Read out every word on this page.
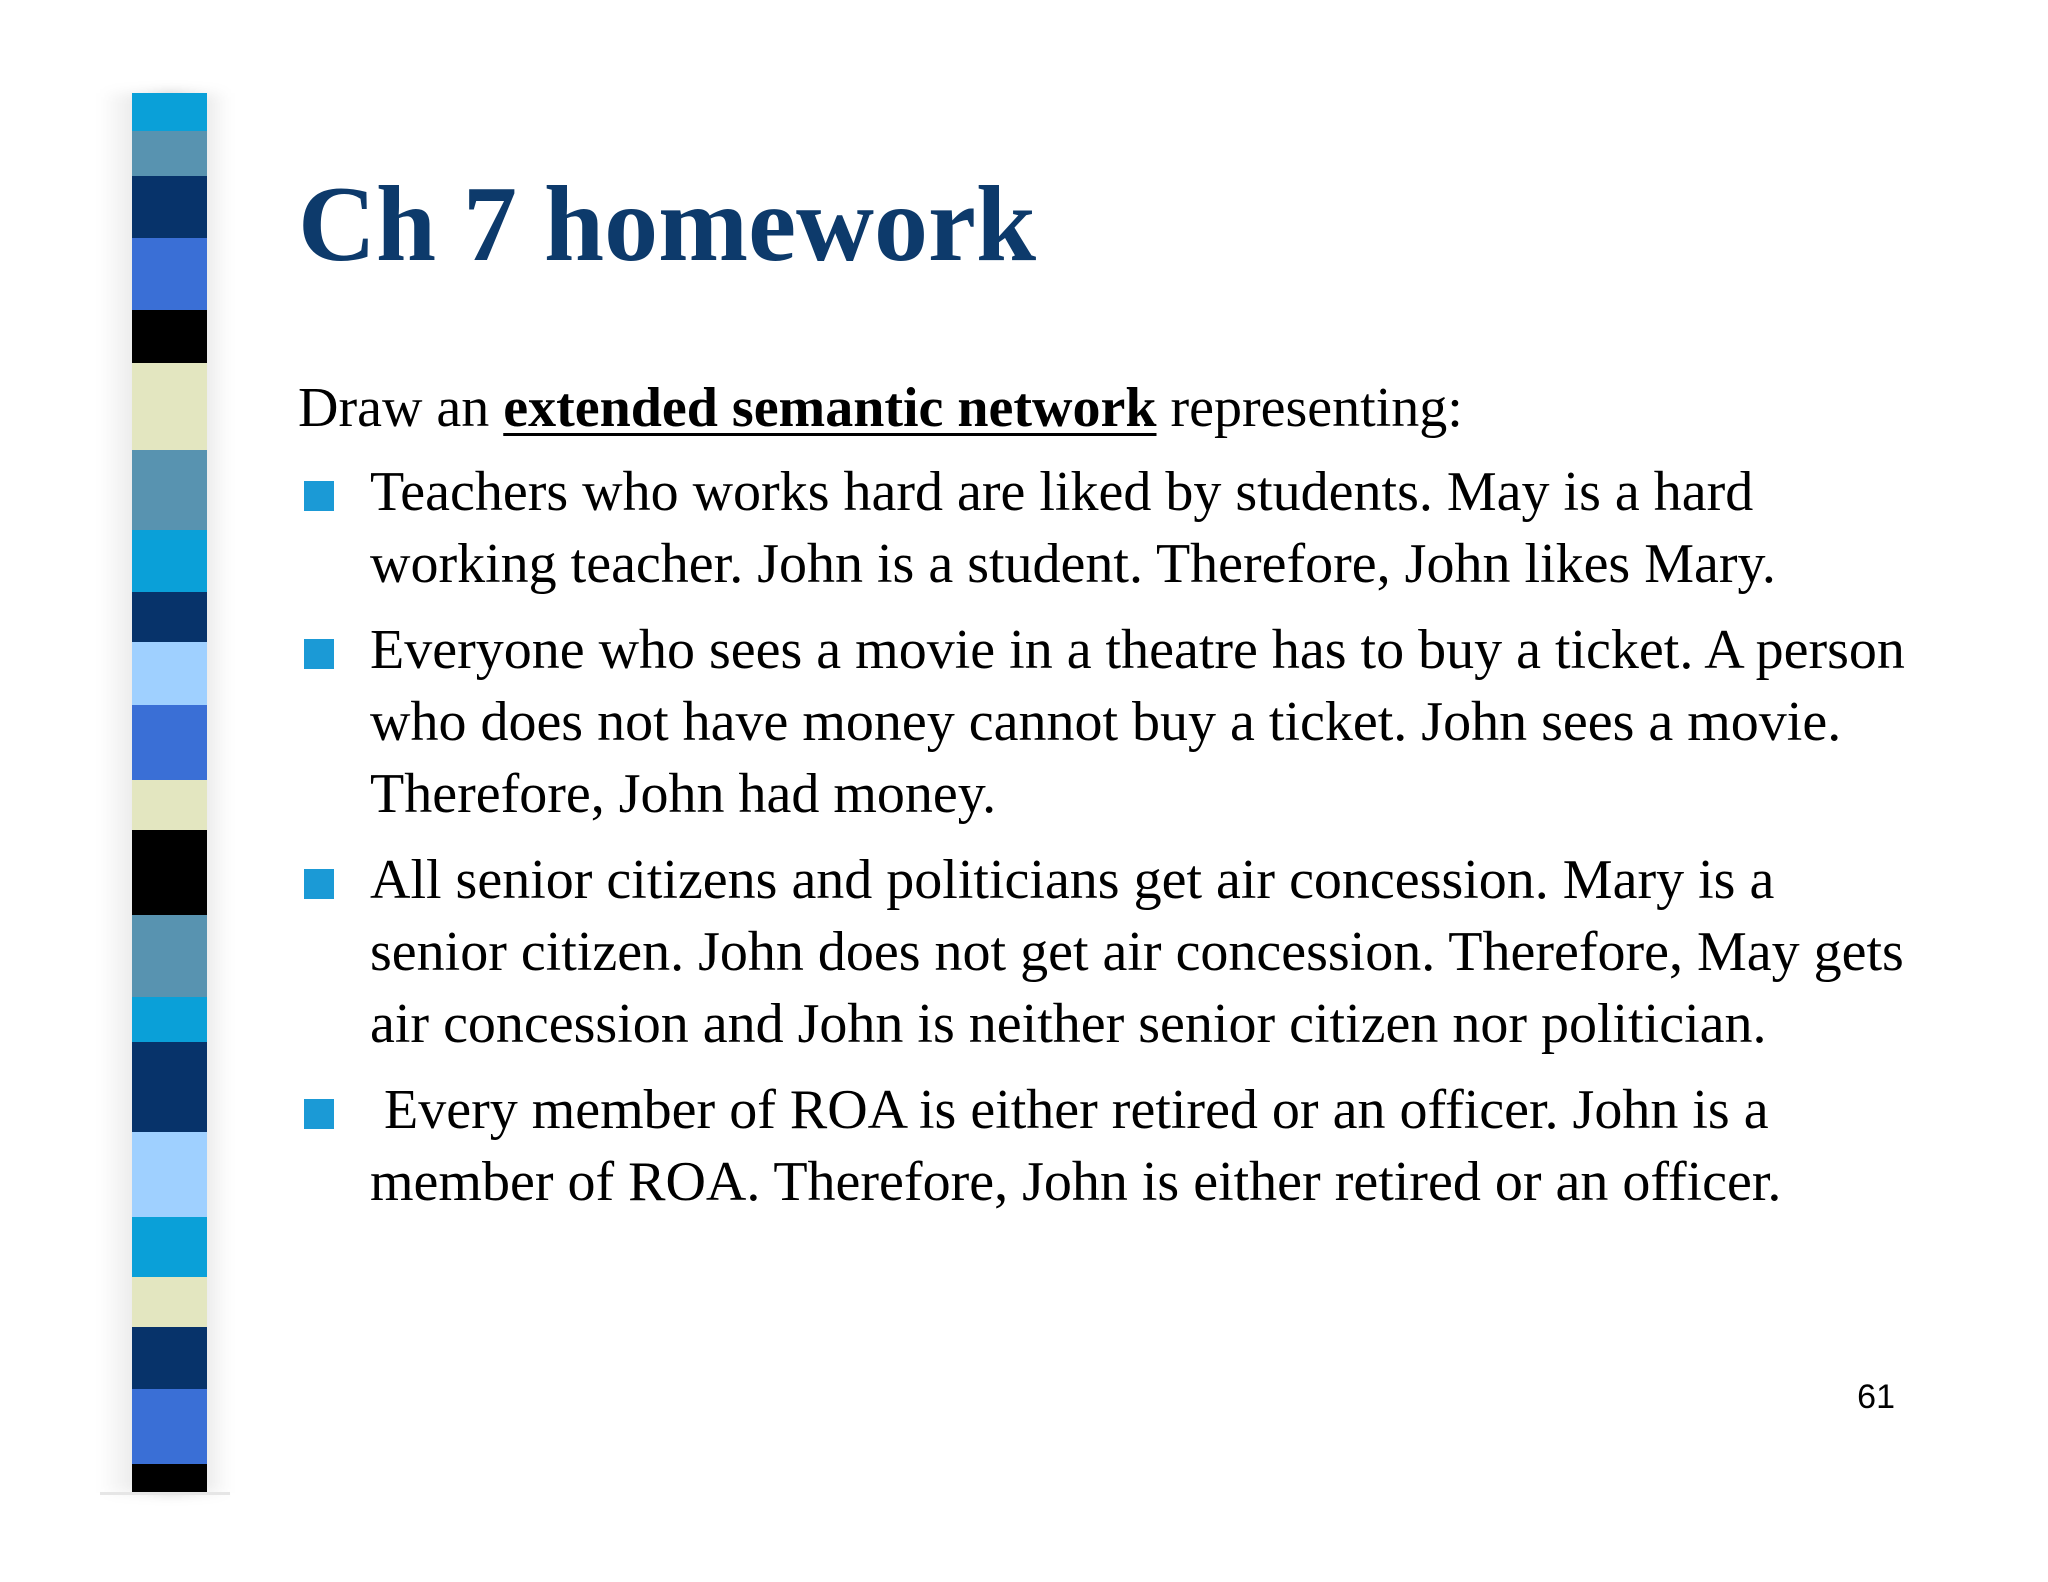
Ch 7 homework
Draw an extended semantic network representing:
Teachers who works hard are liked by students. May is a hard working teacher. John is a student. Therefore, John likes Mary.
Everyone who sees a movie in a theatre has to buy a ticket. A person who does not have money cannot buy a ticket. John sees a movie. Therefore, John had money.
All senior citizens and politicians get air concession. Mary is a senior citizen. John does not get air concession. Therefore, May gets air concession and John is neither senior citizen nor politician.
Every member of ROA is either retired or an officer. John is a member of ROA. Therefore, John is either retired or an officer.
61
